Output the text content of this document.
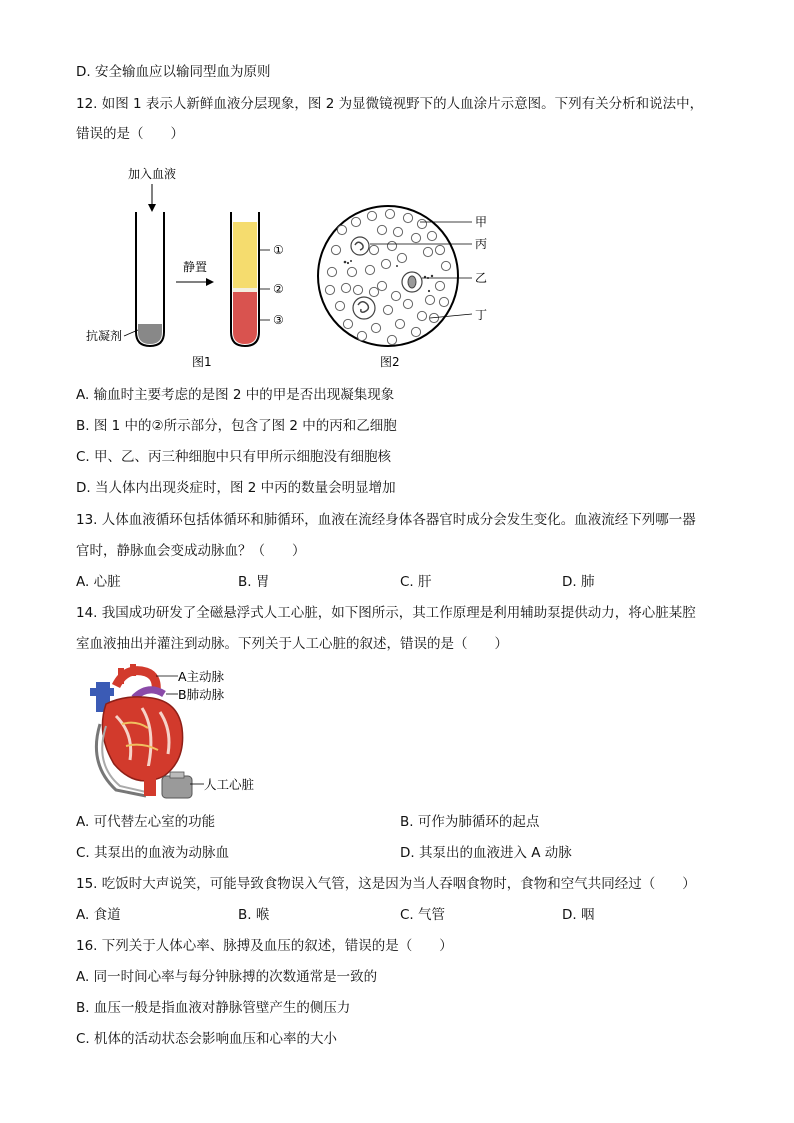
D. 安全输血应以输同型血为原则
12. 如图 1 表示人新鲜血液分层现象，图 2 为显微镜视野下的人血涂片示意图。下列有关分析和说法中，
错误的是（　　）
加入血液
抗凝剂
静置
①
②
③
图1
甲
丙
乙
丁
图2
A. 输血时主要考虑的是图 2 中的甲是否出现凝集现象
B. 图 1 中的②所示部分，包含了图 2 中的丙和乙细胞
C. 甲、乙、丙三种细胞中只有甲所示细胞没有细胞核
D. 当人体内出现炎症时，图 2 中丙的数量会明显增加
13. 人体血液循环包括体循环和肺循环，血液在流经身体各器官时成分会发生变化。血液流经下列哪一器
官时，静脉血会变成动脉血？（　　）
A. 心脏	B. 胃	C. 肝	D. 肺
14. 我国成功研发了全磁悬浮式人工心脏，如下图所示，其工作原理是利用辅助泵提供动力，将心脏某腔
室血液抽出并灌注到动脉。下列关于人工心脏的叙述，错误的是（　　）
A主动脉
B肺动脉
人工心脏
A. 可代替左心室的功能	B. 可作为肺循环的起点
C. 其泵出的血液为动脉血	D. 其泵出的血液进入 A 动脉
15. 吃饭时大声说笑，可能导致食物误入气管，这是因为当人吞咽食物时，食物和空气共同经过（　　）
A. 食道	B. 喉	C. 气管	D. 咽
16. 下列关于人体心率、脉搏及血压的叙述，错误的是（　　）
A. 同一时间心率与每分钟脉搏的次数通常是一致的
B. 血压一般是指血液对静脉管壁产生的侧压力
C. 机体的活动状态会影响血压和心率的大小
